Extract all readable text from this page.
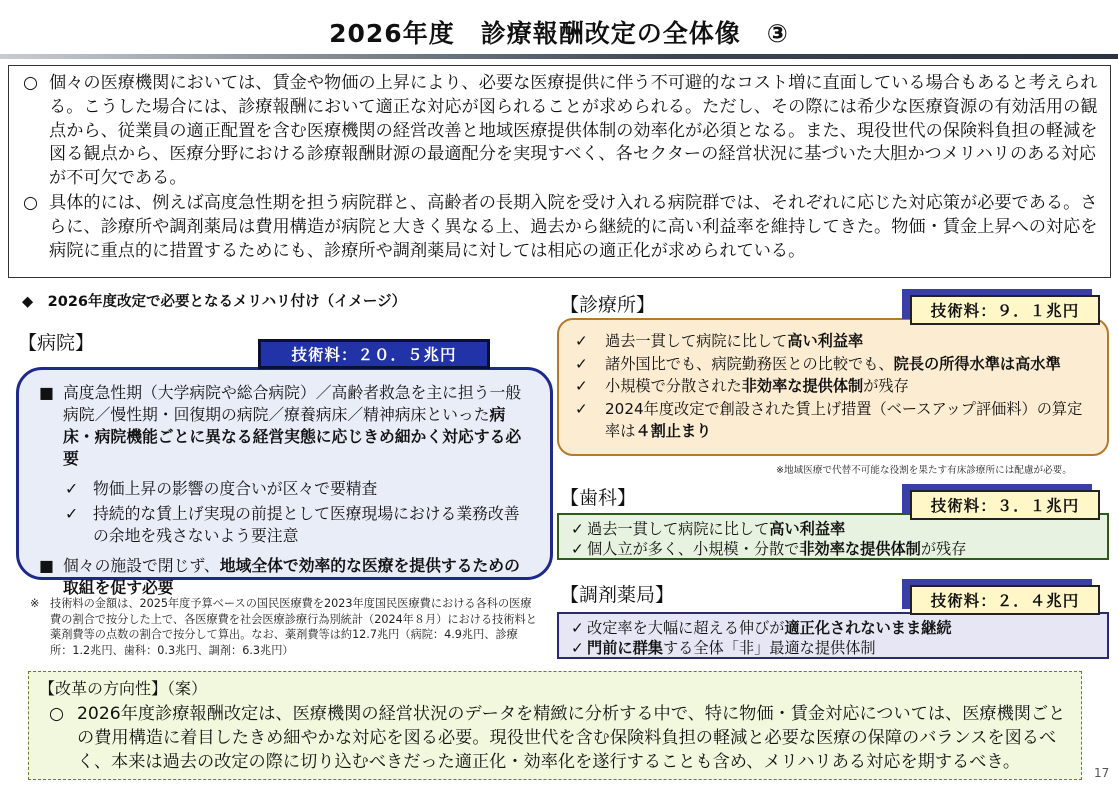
2026年度　診療報酬改定の全体像　③

○ 個々の医療機関においては、賃金や物価の上昇により、必要な医療提供に伴う不可避的なコスト増に直面している場合もあると考えられる。こうした場合には、診療報酬において適正な対応が図られることが求められる。ただし、その際には希少な医療資源の有効活用の観点から、従業員の適正配置を含む医療機関の経営改善と地域医療提供体制の効率化が必須となる。また、現役世代の保険料負担の軽減を図る観点から、医療分野における診療報酬財源の最適配分を実現すべく、各セクターの経営状況に基づいた大胆かつメリハリのある対応が不可欠である。

○ 具体的には、例えば高度急性期を担う病院群と、高齢者の長期入院を受け入れる病院群では、それぞれに応じた対応策が必要である。さらに、診療所や調剤薬局は費用構造が病院と大きく異なる上、過去から継続的に高い利益率を維持してきた。物価・賃金上昇への対応を病院に重点的に措置するためにも、診療所や調剤薬局に対しては相応の適正化が求められている。

◆　2026年度改定で必要となるメリハリ付け（イメージ）
【病院】
■ 高度急性期（大学病院や総合病院）／高齢者救急を主に担う一般病院／慢性期・回復期の病院／療養病床／精神病床といった病床・病院機能ごとに異なる経営実態に応じきめ細かく対応する必要
✓ 物価上昇の影響の度合いが区々で要精査
✓ 持続的な賃上げ実現の前提として医療現場における業務改善の余地を残さないよう要注意
■ 個々の施設で閉じず、地域全体で効率的な医療を提供するための取組を促す必要
技術料：２０．５兆円
※ 技術料の金額は、2025年度予算ベースの国民医療費を2023年度国民医療費における各科の医療費の割合で按分した上で、各医療費を社会医療診療行為別統計（2024年８月）における技術料と薬剤費等の点数の割合で按分して算出。なお、薬剤費等は約12.7兆円（病院：4.9兆円、診療所：1.2兆円、歯科：0.3兆円、調剤：6.3兆円）
【診療所】
✓ 過去一貫して病院に比して高い利益率
✓ 諸外国比でも、病院勤務医との比較でも、院長の所得水準は高水準
✓ 小規模で分散された非効率な提供体制が残存
✓ 2024年度改定で創設された賃上げ措置（ベースアップ評価料）の算定率は４割止まり
技術料：９．１兆円
※地域医療で代替不可能な役割を果たす有床診療所には配慮が必要。
【歯科】
✓ 過去一貫して病院に比して高い利益率
✓ 個人立が多く、小規模・分散で非効率な提供体制が残存
技術料：３．１兆円
【調剤薬局】
✓ 改定率を大幅に超える伸びが適正化されないまま継続
✓ 門前に群集する全体「非」最適な提供体制
技術料：２．４兆円
【改革の方向性】（案）
○ 2026年度診療報酬改定は、医療機関の経営状況のデータを精緻に分析する中で、特に物価・賃金対応については、医療機関ごとの費用構造に着目したきめ細やかな対応を図る必要。現役世代を含む保険料負担の軽減と必要な医療の保障のバランスを図るべく、本来は過去の改定の際に切り込むべきだった適正化・効率化を遂行することも含め、メリハリある対応を期するべき。
17
